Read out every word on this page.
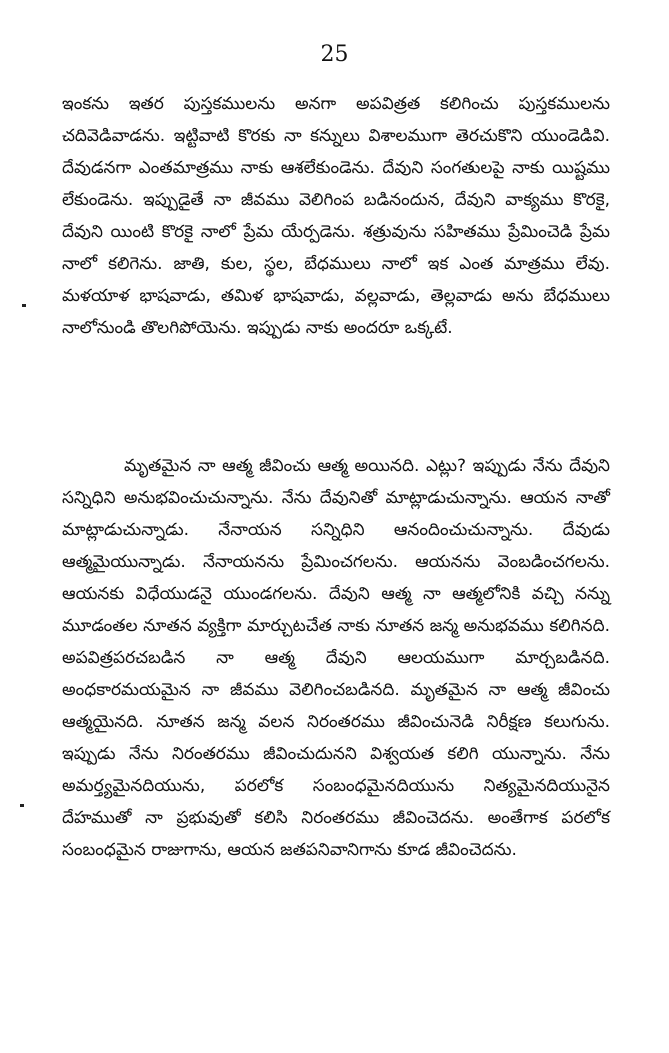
25

ఇంకను ఇతర పుస్తకములను అనగా అపవిత్రత కలిగించు పుస్తకములను చదివెడివాడను. ఇట్టివాటి కొరకు నా కన్నులు విశాలముగా తెరచుకొని యుండెడివి. దేవుడనగా ఎంతమాత్రము నాకు ఆశలేకుండెను. దేవుని సంగతులపై నాకు యిష్టము లేకుండెను. ఇప్పుడైతే నా జీవము వెలిగింప బడినందున, దేవుని వాక్యము కొరకై, దేవుని యింటి కొరకై నాలో ప్రేమ యేర్పడెను. శత్రువును సహితము ప్రేమించెడి ప్రేమ నాలో కలిగెను. జాతి, కుల, స్థల, బేధములు నాలో ఇక ఎంత మాత్రము లేవు. మళయాళ భాషవాడు, తమిళ భాషవాడు, వల్లవాడు, తెల్లవాడు అను బేధములు నాలోనుండి తొలగిపోయెను. ఇప్పుడు నాకు అందరూ ఒక్కటే.

మృతమైన నా ఆత్మ జీవించు ఆత్మ అయినది. ఎట్లు? ఇప్పుడు నేను దేవుని సన్నిధిని అనుభవించుచున్నాను. నేను దేవునితో మాట్లాడుచున్నాను. ఆయన నాతో మాట్లాడుచున్నాడు. నేనాయన సన్నిధిని ఆనందించుచున్నాను. దేవుడు ఆత్మమైయున్నాడు. నేనాయనను ప్రేమించగలను. ఆయనను వెంబడించగలను. ఆయనకు విధేయుడనై యుండగలను. దేవుని ఆత్మ నా ఆత్మలోనికి వచ్చి నన్ను మూడంతల నూతన వ్యక్తిగా మార్చుటచేత నాకు నూతన జన్మ అనుభవము కలిగినది. అపవిత్రపరచబడిన నా ఆత్మ దేవుని ఆలయముగా మార్చబడినది. అంధకారమయమైన నా జీవము వెలిగించబడినది. మృతమైన నా ఆత్మ జీవించు ఆత్మయైనది. నూతన జన్మ వలన నిరంతరము జీవించునెడి నిరీక్షణ కలుగును. ఇప్పుడు నేను నిరంతరము జీవించుదునని విశ్వయత కలిగి యున్నాను. నేను అమర్త్యమైనదియును, పరలోక సంబంధమైనదియును నిత్యమైనదియునైన దేహముతో నా ప్రభువుతో కలిసి నిరంతరము జీవించెదను. అంతేగాక పరలోక సంబంధమైన రాజుగాను, ఆయన జతపనివానిగాను కూడ జీవించెదను.
